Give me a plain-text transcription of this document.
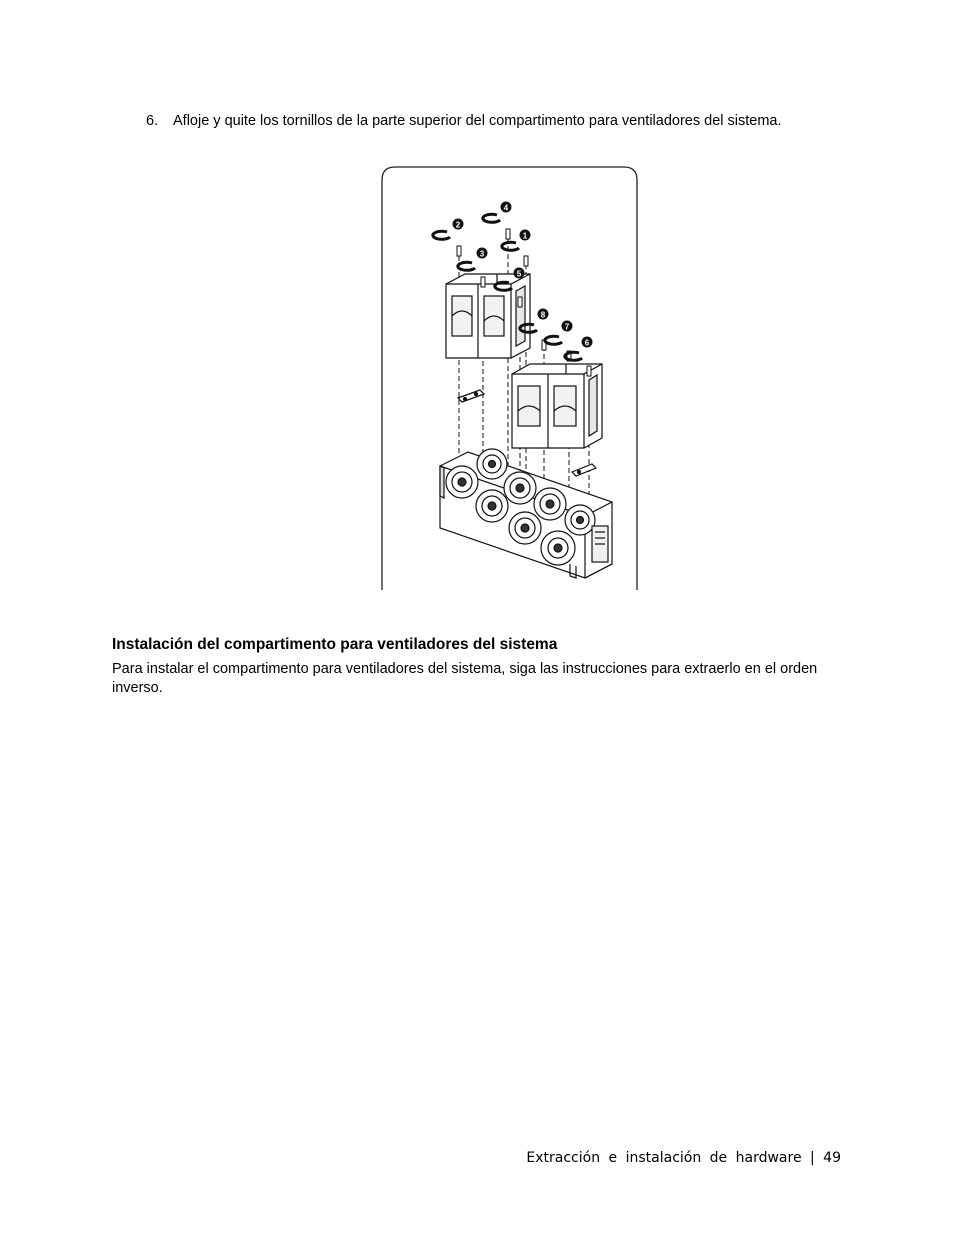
6. Afloje y quite los tornillos de la parte superior del compartimento para ventiladores del sistema.
2
3
4
1
5
8
7
6
Instalación del compartimento para ventiladores del sistema
Para instalar el compartimento para ventiladores del sistema, siga las instrucciones para extraerlo en el orden inverso.
Extracción e instalación de hardware | 49
